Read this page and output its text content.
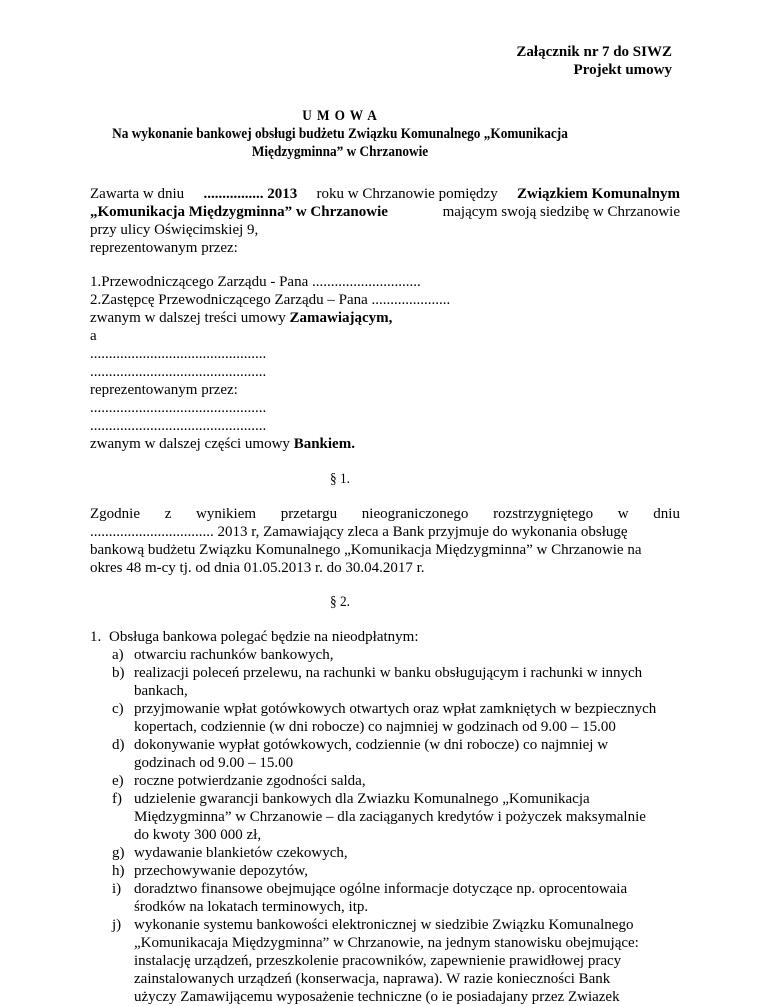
Załącznik nr 7 do SIWZ
Projekt umowy
U M O W A
Na wykonanie bankowej obsługi budżetu Związku Komunalnego „Komunikacja
Międzygminna” w Chrzanowie
Zawarta w dniu ................ 2013 roku w Chrzanowie pomiędzy Związkiem Komunalnym
„Komunikacja Międzygminna” w Chrzanowie	mającym swoją siedzibę w Chrzanowie
przy ulicy Oświęcimskiej 9,
reprezentowanym przez:
1.Przewodniczącego Zarządu - Pana .............................
2.Zastępcę Przewodniczącego Zarządu – Pana .....................
zwanym w dalszej treści umowy Zamawiającym,
a
...............................................
...............................................
reprezentowanym przez:
...............................................
...............................................
zwanym w dalszej części umowy Bankiem.
§ 1.
Zgodnie z wynikiem przetargu nieograniczonego rozstrzygniętego w dniu
................................. 2013 r, Zamawiający zleca a Bank przyjmuje do wykonania obsługę
bankową budżetu Związku Komunalnego „Komunikacja Międzygminna” w Chrzanowie na
okres 48 m-cy tj. od dnia 01.05.2013 r. do 30.04.2017 r.
§ 2.
1. Obsługa bankowa polegać będzie na nieodpłatnym:
a) otwarciu rachunków bankowych,
b) realizacji poleceń przelewu, na rachunki w banku obsługującym i rachunki w innych
bankach,
c) przyjmowanie wpłat gotówkowych otwartych oraz wpłat zamkniętych w bezpiecznych
kopertach, codziennie (w dni robocze) co najmniej w godzinach od 9.00 – 15.00
d) dokonywanie wypłat gotówkowych, codziennie (w dni robocze) co najmniej w
godzinach od 9.00 – 15.00
e) roczne potwierdzanie zgodności salda,
f) udzielenie gwarancji bankowych dla Zwiazku Komunalnego „Komunikacja
Międzygminna” w Chrzanowie – dla zaciąganych kredytów i pożyczek maksymalnie
do kwoty 300 000 zł,
g) wydawanie blankietów czekowych,
h) przechowywanie depozytów,
i) doradztwo finansowe obejmujące ogólne informacje dotyczące np. oprocentowaia
środków na lokatach terminowych, itp.
j) wykonanie systemu bankowości elektronicznej w siedzibie Związku Komunalnego
„Komunikacaja Międzygminna” w Chrzanowie, na jednym stanowisku obejmujące:
instalację urządzeń, przeszkolenie pracowników, zapewnienie prawidłowej pracy
zainstalowanych urządzeń (konserwacja, naprawa). W razie konieczności Bank
użyczy Zamawijącemu wyposażenie techniczne (o ie posiadajany przez Zwiazek
